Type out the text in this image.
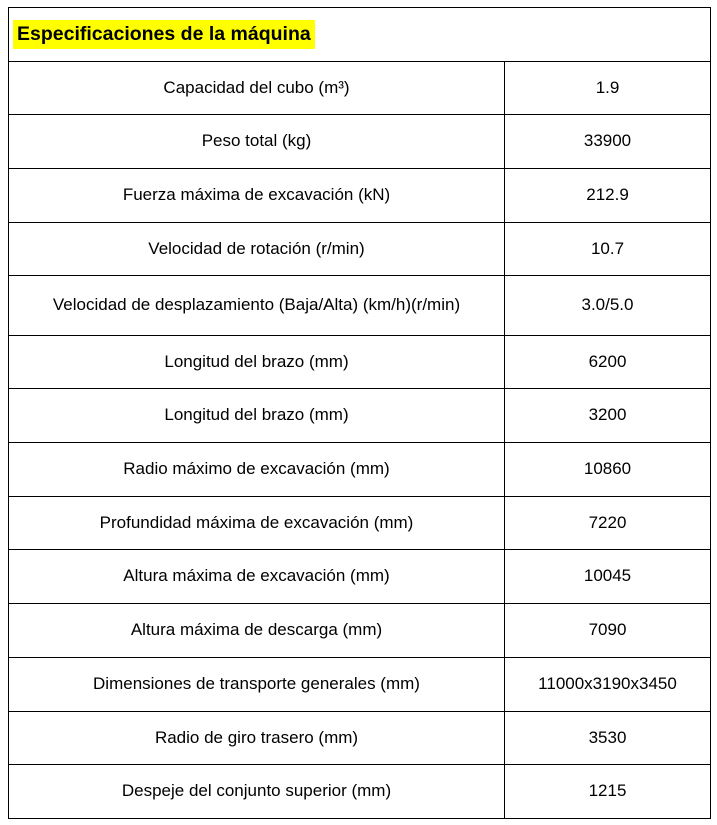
Especificaciones de la máquina	
Capacidad del cubo (m³)	1.9
Peso total (kg)	33900
Fuerza máxima de excavación (kN)	212.9
Velocidad de rotación (r/min)	10.7
Velocidad de desplazamiento (Baja/Alta) (km/h)(r/min)	3.0/5.0
Longitud del brazo (mm)	6200
Longitud del brazo (mm)	3200
Radio máximo de excavación (mm)	10860
Profundidad máxima de excavación (mm)	7220
Altura máxima de excavación (mm)	10045
Altura máxima de descarga (mm)	7090
Dimensiones de transporte generales (mm)	11000x3190x3450
Radio de giro trasero (mm)	3530
Despeje del conjunto superior (mm)	1215
